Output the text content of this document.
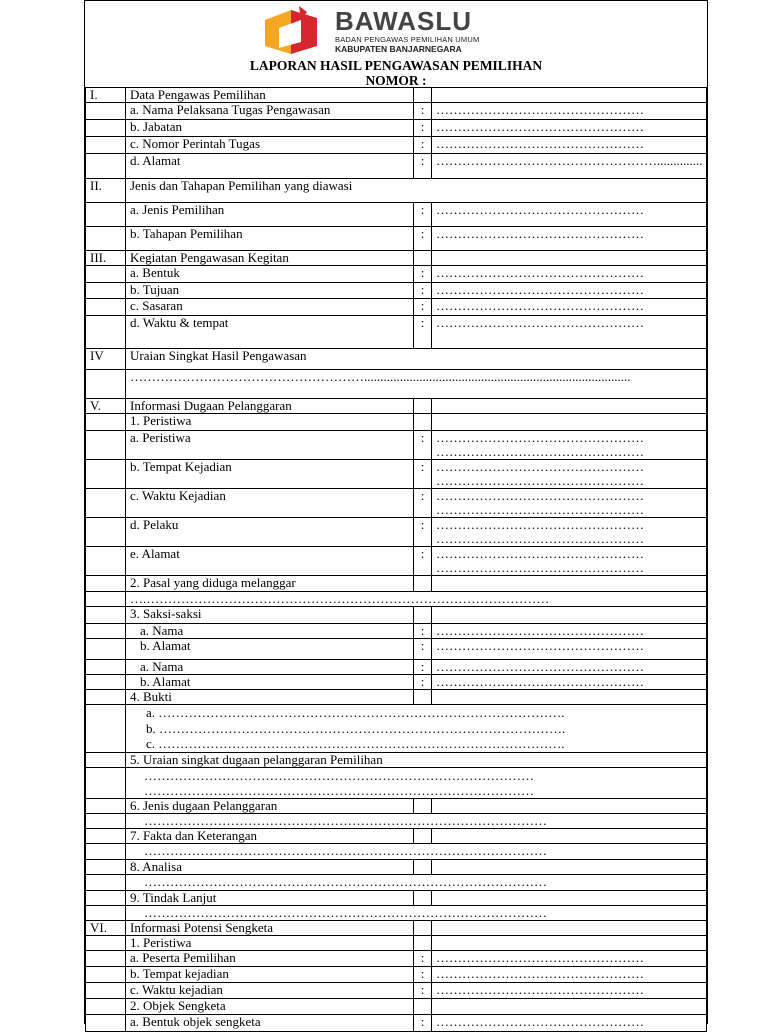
BAWASLU
BADAN PENGAWAS PEMILIHAN UMUM
KABUPATEN BANJARNEGARA
LAPORAN HASIL PENGAWASAN PEMILIHAN
NOMOR :
I.	Data Pengawas Pemilihan		
	a. Nama Pelaksana Tugas Pengawasan	:	…………………………………………
	b. Jabatan	:	…………………………………………
	c. Nomor Perintah Tugas	:	…………………………………………
	d. Alamat	:	……………………………………………..............
II.	Jenis dan Tahapan Pemilihan yang diawasi		
	a. Jenis Pemilihan	:	…………………………………………
	b. Tahapan Pemilihan	:	…………………………………………
III.	Kegiatan Pengawasan Kegitan		
	a. Bentuk	:	…………………………………………
	b. Tujuan	:	…………………………………………
	c. Sasaran	:	…………………………………………
	d. Waktu & tempat	:	…………………………………………
IV	Uraian Singkat Hasil Pengawasan		
	………………………………………………..................................................................................		
V.	Informasi Dugaan Pelanggaran		
	1. Peristiwa		
	a. Peristiwa	:	…………………………………………
…………………………………………

	b. Tempat Kejadian	:	…………………………………………
…………………………………………

	c. Waktu Kejadian	:	…………………………………………
…………………………………………

	d. Pelaku	:	…………………………………………
…………………………………………

	e. Alamat	:	…………………………………………
…………………………………………

	2. Pasal yang diduga melanggar		
	….…………………………………………………………………………………		
	3. Saksi-saksi		
	a. Nama	:	…………………………………………
	b. Alamat	:	…………………………………………
	a. Nama	:	…………………………………………
	b. Alamat	:	…………………………………………
	4. Bukti		

	a. ………………………………………………………………………………….
b. ………………………………………………………………………………….
c. ………………………………………………………………………………….		

	5. Uraian singkat dugaan pelanggaran Pemilihan		

	………………………………………………………………………………
………………………………………………………………………………		

	6. Jenis dugaan Pelanggaran		
	…………………………………………………………………………………		
	7. Fakta dan Keterangan		
	…………………………………………………………………………………		
	8. Analisa		
	…………………………………………………………………………………		
	9. Tindak Lanjut		
	…………………………………………………………………………………		
VI.	Informasi Potensi Sengketa		
	1. Peristiwa		
	a. Peserta Pemilihan	:	…………………………………………
	b. Tempat kejadian	:	…………………………………………
	c. Waktu kejadian	:	…………………………………………
	2. Objek Sengketa		
	a. Bentuk objek sengketa	:	…………………………………………
